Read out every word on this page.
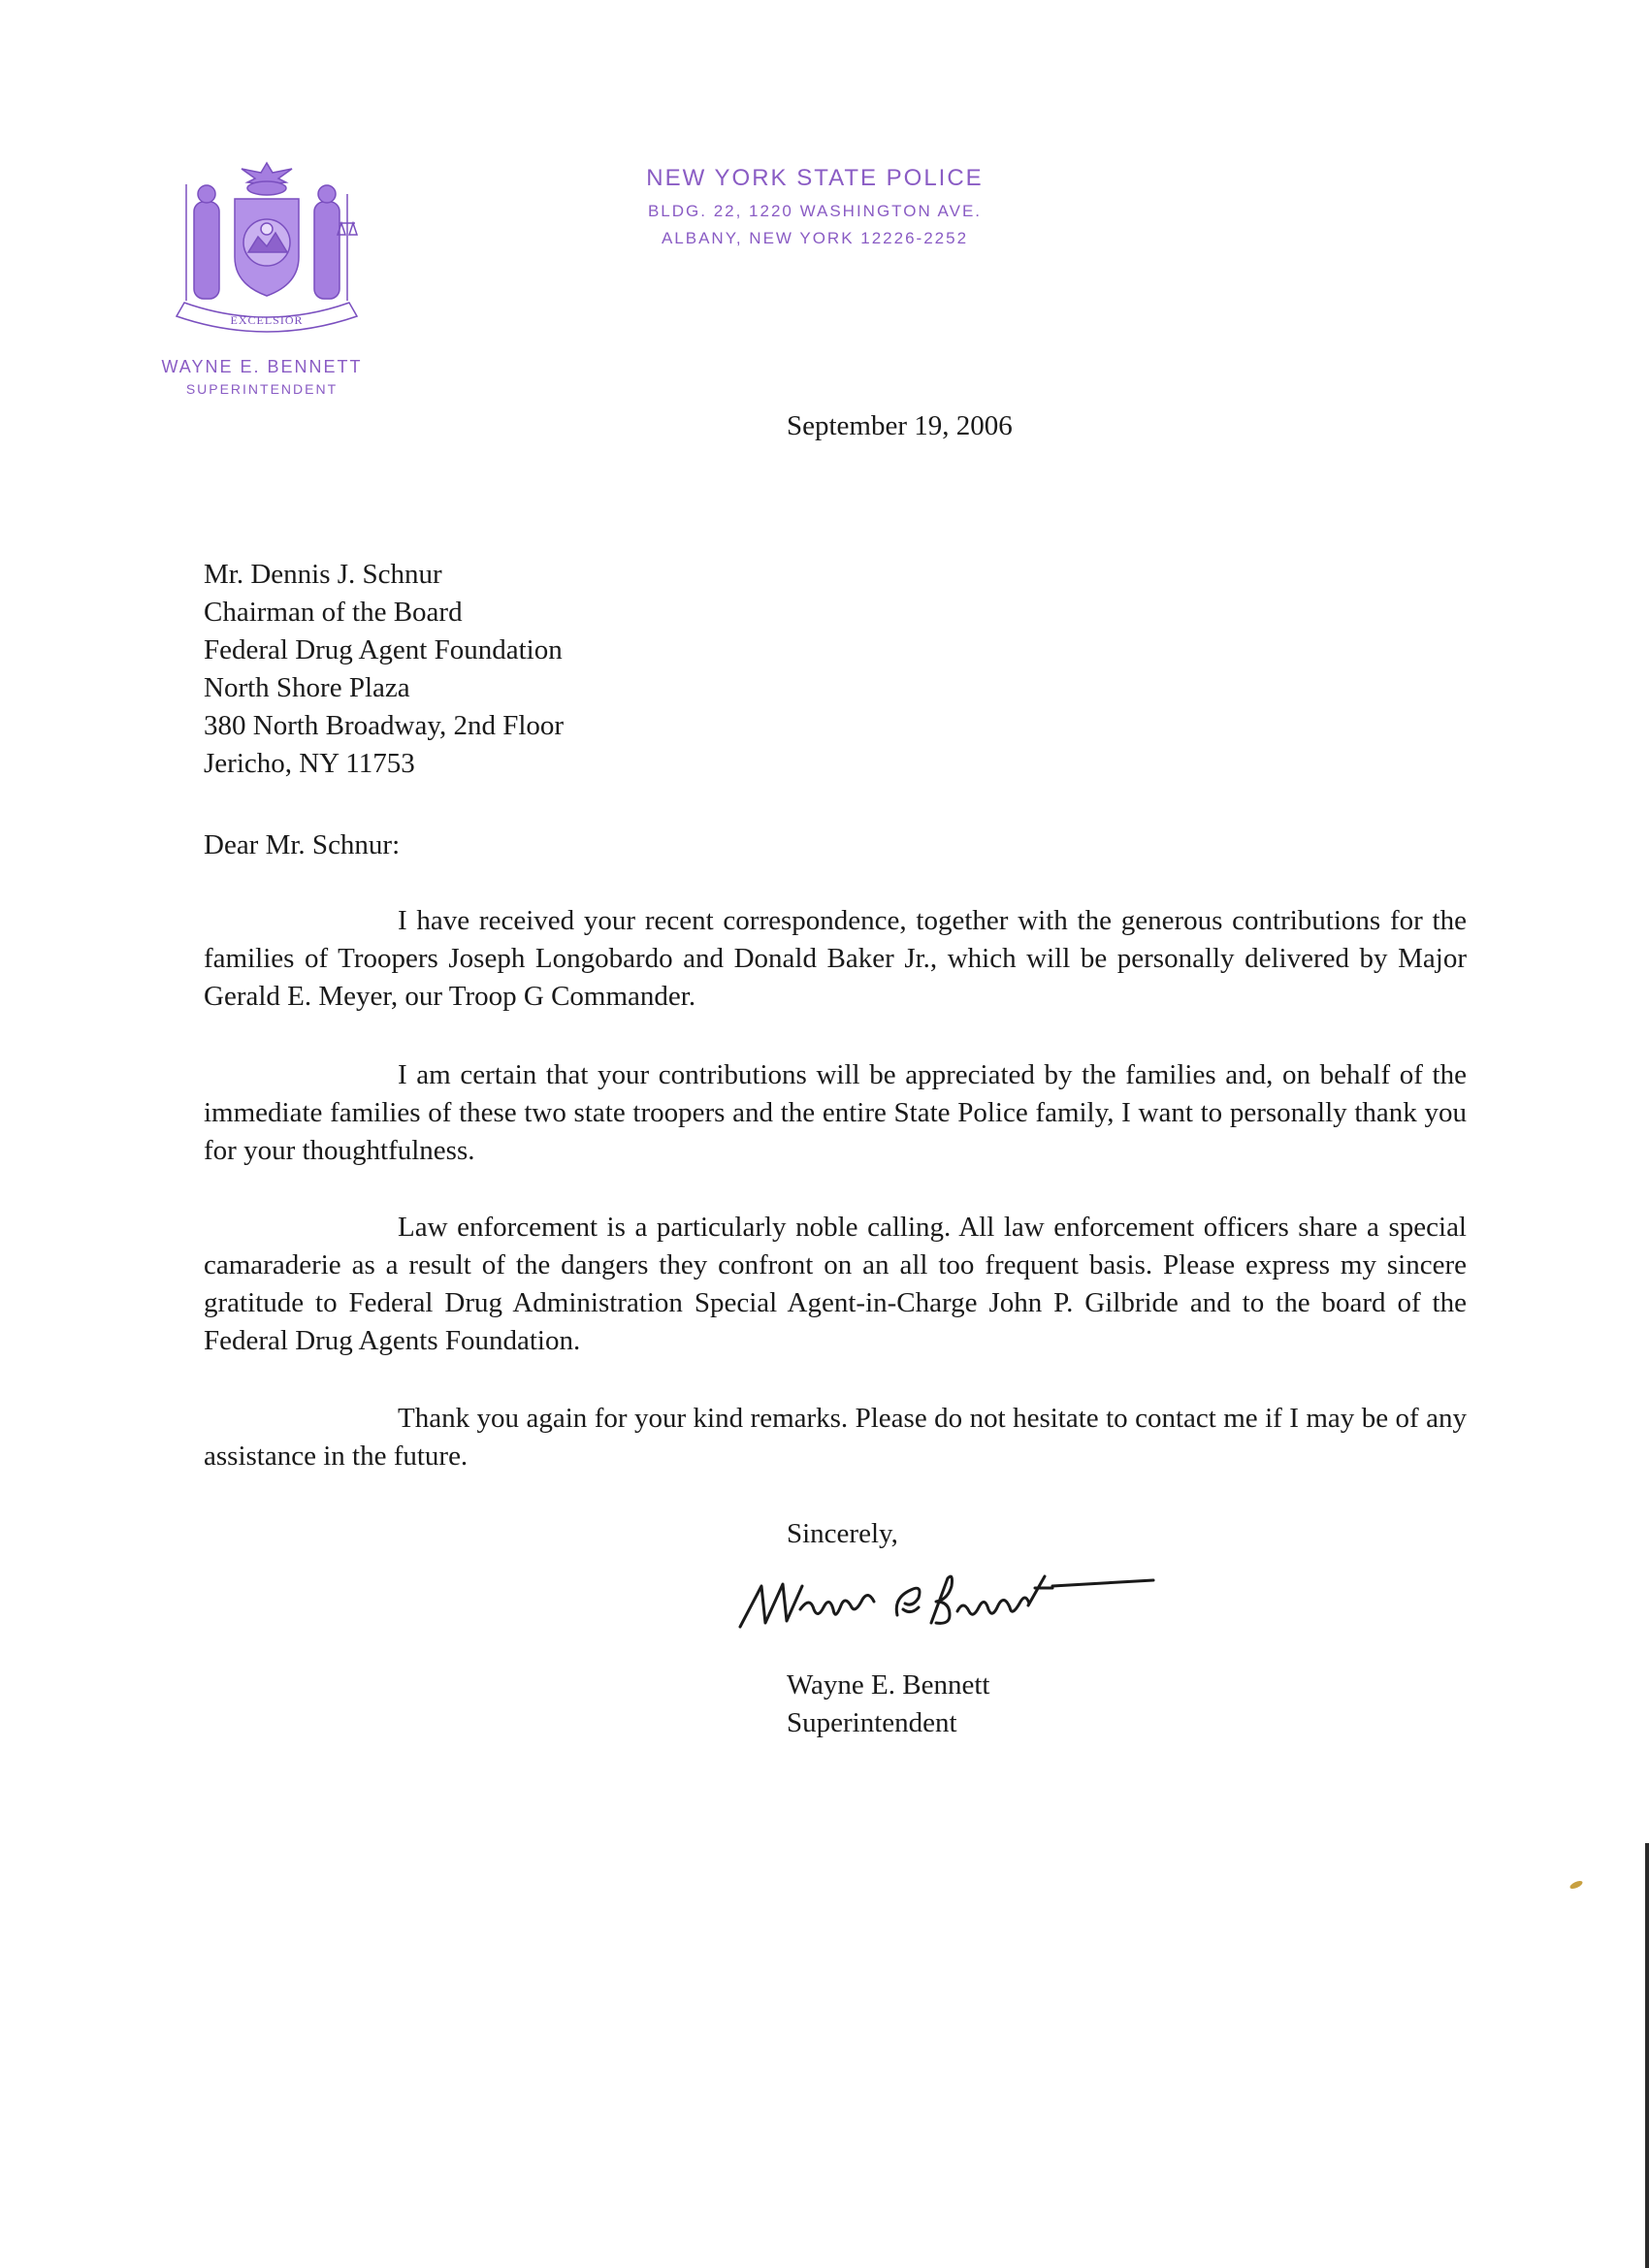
EXCELSIOR
WAYNE E. BENNETT
SUPERINTENDENT
NEW YORK STATE POLICE
BLDG. 22, 1220 WASHINGTON AVE.
ALBANY, NEW YORK 12226-2252
September 19, 2006
Mr. Dennis J. Schnur
Chairman of the Board
Federal Drug Agent Foundation
North Shore Plaza
380 North Broadway, 2nd Floor
Jericho, NY 11753
Dear Mr. Schnur:

I have received your recent correspondence, together with the generous contributions for the families of Troopers Joseph Longobardo and Donald Baker Jr., which will be personally delivered by Major Gerald E. Meyer, our Troop G Commander.

I am certain that your contributions will be appreciated by the families and, on behalf of the immediate families of these two state troopers and the entire State Police family, I want to personally thank you for your thoughtfulness.

Law enforcement is a particularly noble calling. All law enforcement officers share a special camaraderie as a result of the dangers they confront on an all too frequent basis. Please express my sincere gratitude to Federal Drug Administration Special Agent-in-Charge John P. Gilbride and to the board of the Federal Drug Agents Foundation.

Thank you again for your kind remarks. Please do not hesitate to contact me if I may be of any assistance in the future.

Sincerely,
Wayne E. Bennett
Superintendent
